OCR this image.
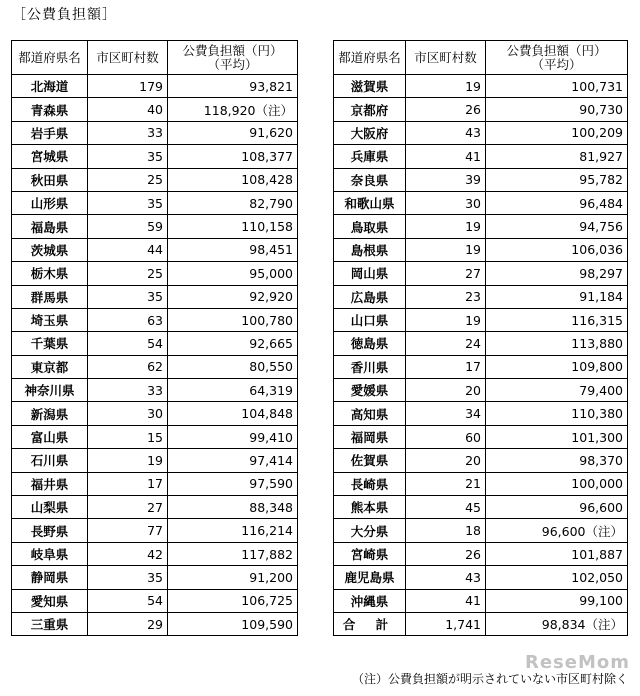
［公費負担額］
都道府県名	市区町村数	公費負担額（円）
（平均）
北海道	179	93,821
青森県	40	118,920（注）
岩手県	33	91,620
宮城県	35	108,377
秋田県	25	108,428
山形県	35	82,790
福島県	59	110,158
茨城県	44	98,451
栃木県	25	95,000
群馬県	35	92,920
埼玉県	63	100,780
千葉県	54	92,665
東京都	62	80,550
神奈川県	33	64,319
新潟県	30	104,848
富山県	15	99,410
石川県	19	97,414
福井県	17	97,590
山梨県	27	88,348
長野県	77	116,214
岐阜県	42	117,882
静岡県	35	91,200
愛知県	54	106,725
三重県	29	109,590
都道府県名	市区町村数	公費負担額（円）
（平均）
滋賀県	19	100,731
京都府	26	90,730
大阪府	43	100,209
兵庫県	41	81,927
奈良県	39	95,782
和歌山県	30	96,484
鳥取県	19	94,756
島根県	19	106,036
岡山県	27	98,297
広島県	23	91,184
山口県	19	116,315
徳島県	24	113,880
香川県	17	109,800
愛媛県	20	79,400
高知県	34	110,380
福岡県	60	101,300
佐賀県	20	98,370
長崎県	21	100,000
熊本県	45	96,600
大分県	18	96,600（注）
宮崎県	26	101,887
鹿児島県	43	102,050
沖縄県	41	99,100
合 計	1,741	98,834（注）
ReseMom
（注）公費負担額が明示されていない市区町村除く
